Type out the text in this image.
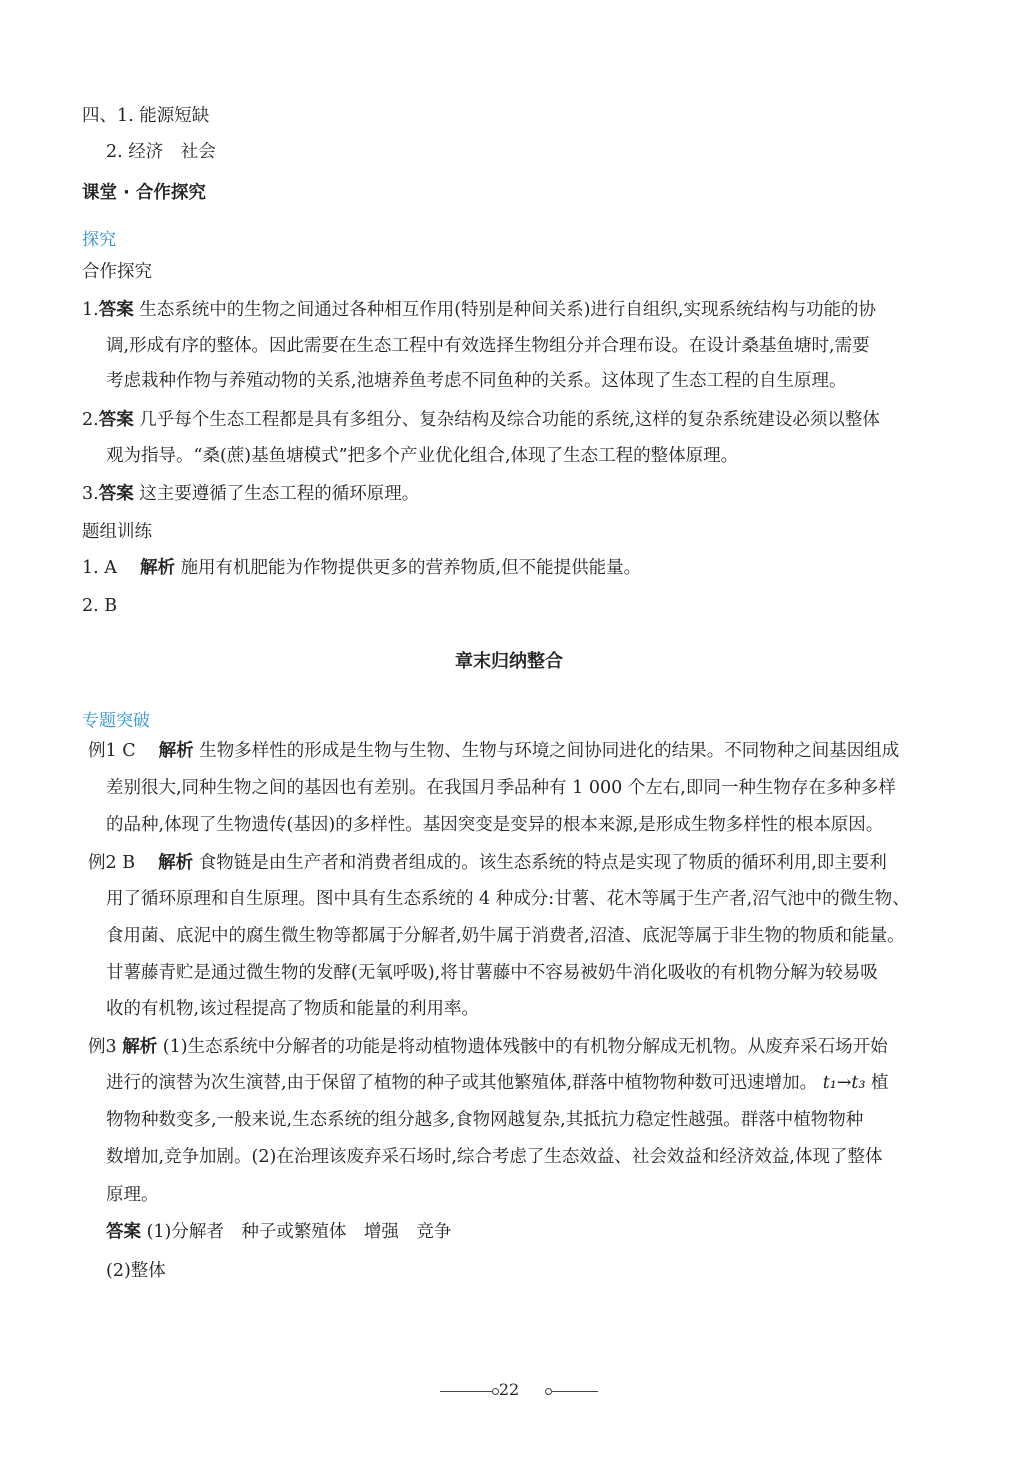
四、1. 能源短缺
2. 经济　社会
课堂 · 合作探究
探究
合作探究
1.答案 生态系统中的生物之间通过各种相互作用(特别是种间关系)进行自组织,实现系统结构与功能的协
调,形成有序的整体。因此需要在生态工程中有效选择生物组分并合理布设。在设计桑基鱼塘时,需要
考虑栽种作物与养殖动物的关系,池塘养鱼考虑不同鱼种的关系。这体现了生态工程的自生原理。
2.答案 几乎每个生态工程都是具有多组分、复杂结构及综合功能的系统,这样的复杂系统建设必须以整体
观为指导。“桑(蔗)基鱼塘模式”把多个产业优化组合,体现了生态工程的整体原理。
3.答案 这主要遵循了生态工程的循环原理。
题组训练
1. A　 解析 施用有机肥能为作物提供更多的营养物质,但不能提供能量。
2. B
章末归纳整合
专题突破
例1 C　 解析 生物多样性的形成是生物与生物、生物与环境之间协同进化的结果。不同物种之间基因组成
差别很大,同种生物之间的基因也有差别。在我国月季品种有 1 000 个左右,即同一种生物存在多种多样
的品种,体现了生物遗传(基因)的多样性。基因突变是变异的根本来源,是形成生物多样性的根本原因。
例2 B　 解析 食物链是由生产者和消费者组成的。该生态系统的特点是实现了物质的循环利用,即主要利
用了循环原理和自生原理。图中具有生态系统的 4 种成分:甘薯、花木等属于生产者,沼气池中的微生物、
食用菌、底泥中的腐生微生物等都属于分解者,奶牛属于消费者,沼渣、底泥等属于非生物的物质和能量。
甘薯藤青贮是通过微生物的发酵(无氧呼吸),将甘薯藤中不容易被奶牛消化吸收的有机物分解为较易吸
收的有机物,该过程提高了物质和能量的利用率。
例3 解析 (1)生态系统中分解者的功能是将动植物遗体残骸中的有机物分解成无机物。从废弃采石场开始
进行的演替为次生演替,由于保留了植物的种子或其他繁殖体,群落中植物物种数可迅速增加。 t₁→t₃ 植
物物种数变多,一般来说,生态系统的组分越多,食物网越复杂,其抵抗力稳定性越强。群落中植物物种
数增加,竞争加剧。(2)在治理该废弃采石场时,综合考虑了生态效益、社会效益和经济效益,体现了整体
原理。
答案 (1)分解者　种子或繁殖体　增强　竞争
(2)整体
22
